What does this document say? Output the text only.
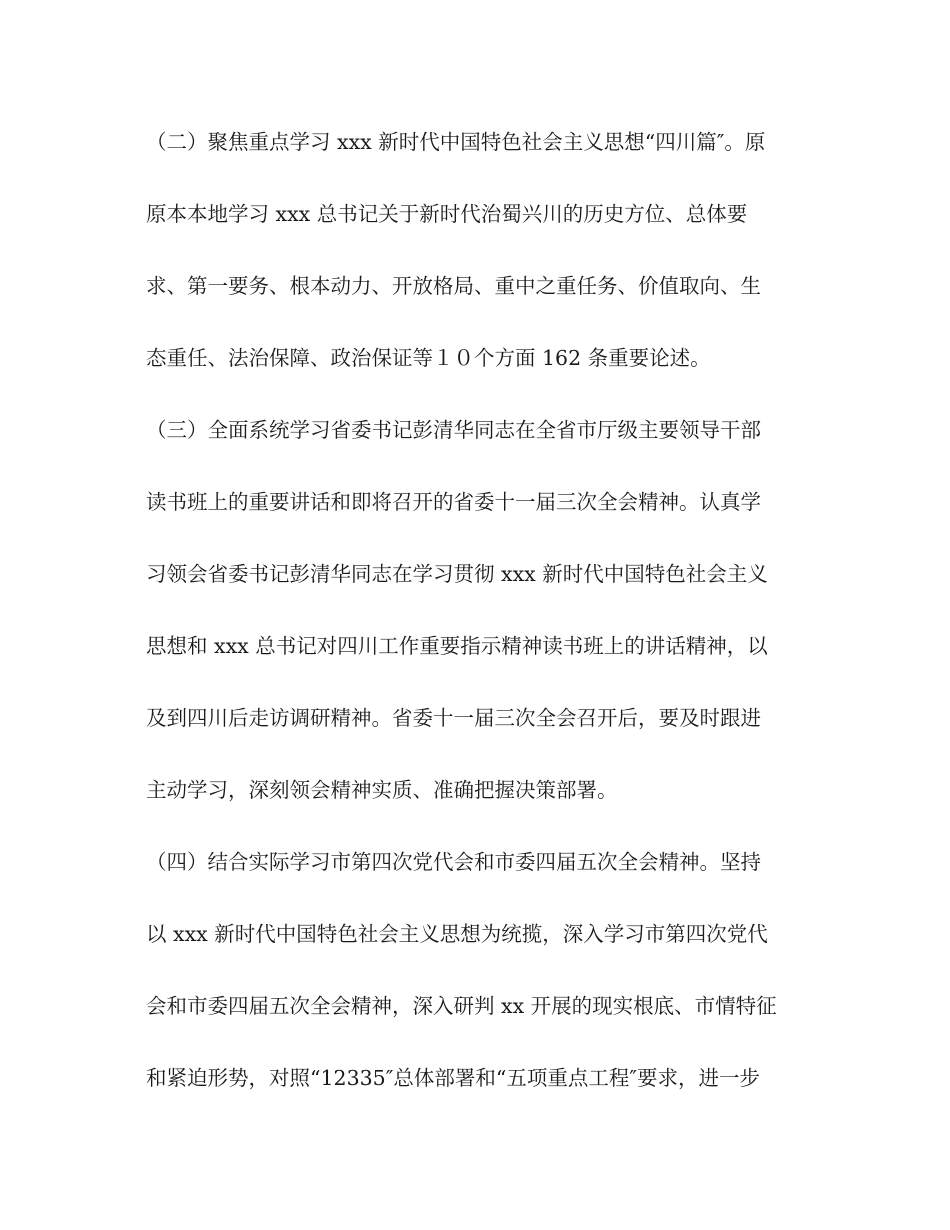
（二）聚焦重点学习 xxx 新时代中国特色社会主义思想“四川篇″。原
原本本地学习 xxx 总书记关于新时代治蜀兴川的历史方位、总体要
求、第一要务、根本动力、开放格局、重中之重任务、价值取向、生
态重任、法治保障、政治保证等１０个方面 162 条重要论述。
（三）全面系统学习省委书记彭清华同志在全省市厅级主要领导干部
读书班上的重要讲话和即将召开的省委十一届三次全会精神。认真学
习领会省委书记彭清华同志在学习贯彻 xxx 新时代中国特色社会主义
思想和 xxx 总书记对四川工作重要指示精神读书班上的讲话精神，以
及到四川后走访调研精神。省委十一届三次全会召开后，要及时跟进
主动学习，深刻领会精神实质、准确把握决策部署。
（四）结合实际学习市第四次党代会和市委四届五次全会精神。坚持
以 xxx 新时代中国特色社会主义思想为统揽，深入学习市第四次党代
会和市委四届五次全会精神，深入研判 xx 开展的现实根底、市情特征
和紧迫形势，对照“12335″总体部署和“五项重点工程″要求，进一步
